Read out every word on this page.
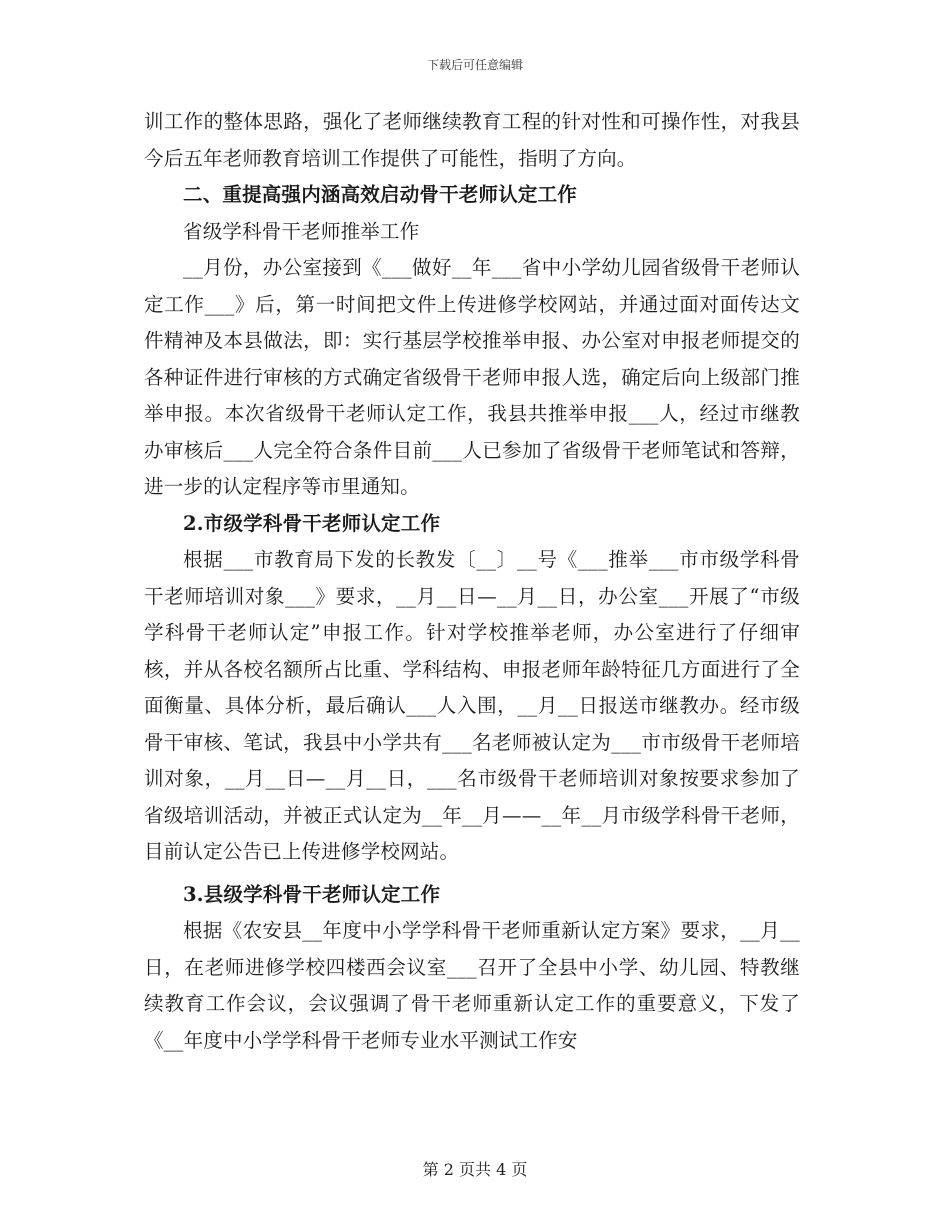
下载后可任意编辑

训工作的整体思路，强化了老师继续教育工程的针对性和可操作性，对我县今后五年老师教育培训工作提供了可能性，指明了方向。

二、重提高强内涵高效启动骨干老师认定工作

省级学科骨干老师推举工作

__月份，办公室接到《___做好__年___省中小学幼儿园省级骨干老师认定工作___》后，第一时间把文件上传进修学校网站，并通过面对面传达文件精神及本县做法，即：实行基层学校推举申报、办公室对申报老师提交的各种证件进行审核的方式确定省级骨干老师申报人选，确定后向上级部门推举申报。本次省级骨干老师认定工作，我县共推举申报___人，经过市继教办审核后___人完全符合条件目前___人已参加了省级骨干老师笔试和答辩，进一步的认定程序等市里通知。

2.市级学科骨干老师认定工作

根据___市教育局下发的长教发〔__〕__号《___推举___市市级学科骨干老师培训对象___》要求，__月__日—__月__日，办公室___开展了“市级学科骨干老师认定”申报工作。针对学校推举老师，办公室进行了仔细审核，并从各校名额所占比重、学科结构、申报老师年龄特征几方面进行了全面衡量、具体分析，最后确认___人入围，__月__日报送市继教办。经市级骨干审核、笔试，我县中小学共有___名老师被认定为___市市级骨干老师培训对象，__月__日—__月__日，___名市级骨干老师培训对象按要求参加了省级培训活动，并被正式认定为__年__月——__年__月市级学科骨干老师，目前认定公告已上传进修学校网站。

3.县级学科骨干老师认定工作

根据《农安县__年度中小学学科骨干老师重新认定方案》要求，__月__日，在老师进修学校四楼西会议室___召开了全县中小学、幼儿园、特教继续教育工作会议，会议强调了骨干老师重新认定工作的重要意义，下发了《__年度中小学学科骨干老师专业水平测试工作安

第 2 页共 4 页
